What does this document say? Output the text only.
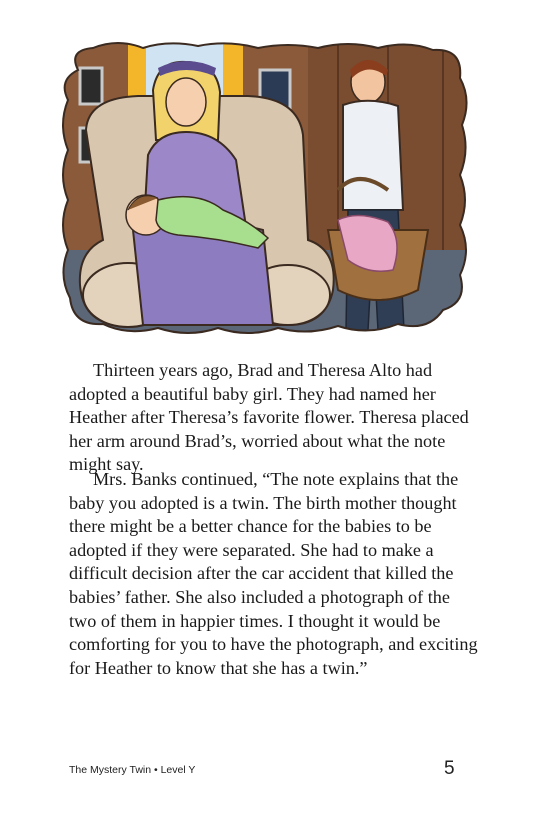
Thirteen years ago, Brad and Theresa Alto had adopted a beautiful baby girl. They had named her Heather after Theresa’s favorite flower. Theresa placed her arm around Brad’s, worried about what the note might say.

Mrs. Banks continued, “The note explains that the baby you adopted is a twin. The birth mother thought there might be a better chance for the babies to be adopted if they were separated. She had to make a difficult decision after the car accident that killed the babies’ father. She also included a photograph of the two of them in happier times. I thought it would be comforting for you to have the photograph, and exciting for Heather to know that she has a twin.”

The Mystery Twin • Level Y	5
